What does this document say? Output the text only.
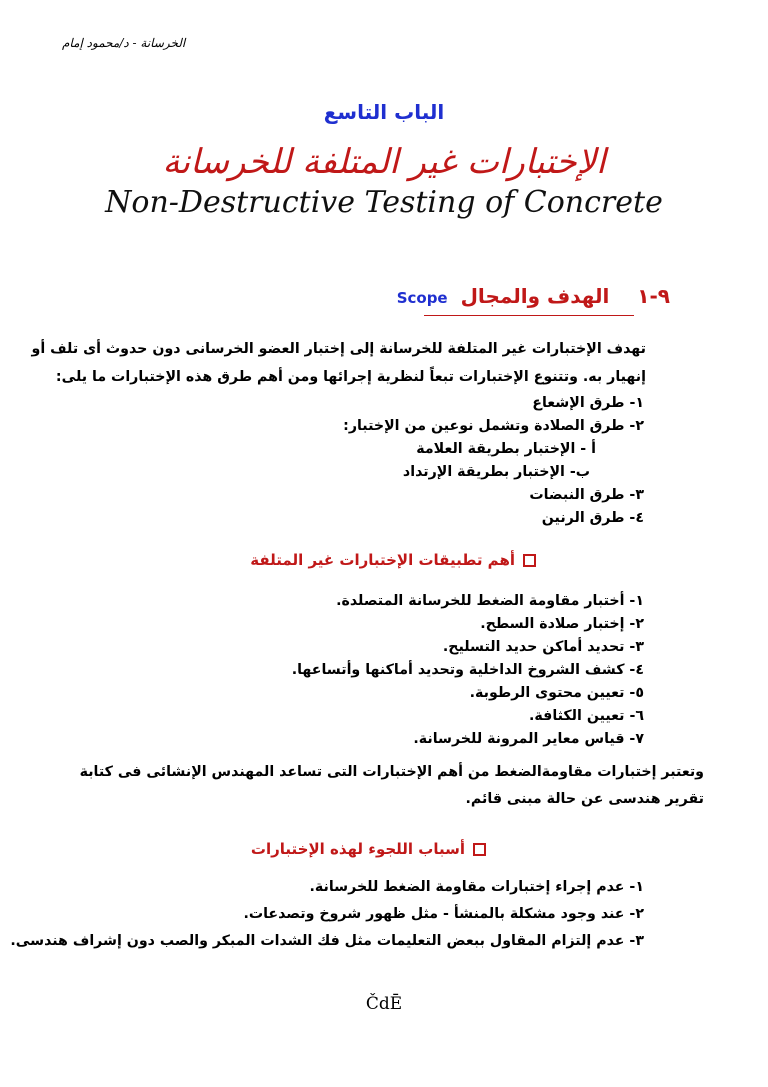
الخرسانة - د/محمود إمام
الباب التاسع
الإختبارات غير المتلفة للخرسانة
Non-Destructive Testing of Concrete
٩-١    الهدف والمجال Scope
تهدف الإختبارات غير المتلفة للخرسانة إلى إختبار العضو الخرسانى دون حدوث أى تلف أو
إنهيار به. وتتنوع الإختبارات تبعاً لنظرية إجرائها ومن أهم طرق هذه الإختبارات ما يلى:
١- طرق الإشعاع
٢- طرق الصلادة وتشمل نوعين من الإختبار:
أ - الإختبار بطريقة العلامة
ب- الإختبار بطريقة الإرتداد
٣- طرق النبضات
٤- طرق الرنين
أهم تطبيقات الإختبارات غير المتلفة
١- أختبار مقاومة الضغط للخرسانة المتصلدة.
٢- إختبار صلادة السطح.
٣- تحديد أماكن حديد التسليح.
٤- كشف الشروخ الداخلية وتحديد أماكنها وأتساعها.
٥- تعيين محتوى الرطوبة.
٦- تعيين الكثافة.
٧- قياس معاير المرونة للخرسانة.
وتعتبر إختبارات مقاومةالضغط من أهم الإختبارات التى تساعد المهندس الإنشائى فى كتابة
تقرير هندسى عن حالة مبنى قائم.
أسباب اللجوء لهذه الإختبارات
١- عدم إجراء إختبارات مقاومة الضغط للخرسانة.
٢- عند وجود مشكلة بالمنشأ - مثل ظهور شروخ وتصدعات.
٣- عدم إلتزام المقاول ببعض التعليمات مثل فك الشدات المبكر والصب دون إشراف هندسى.
ČdĒ
